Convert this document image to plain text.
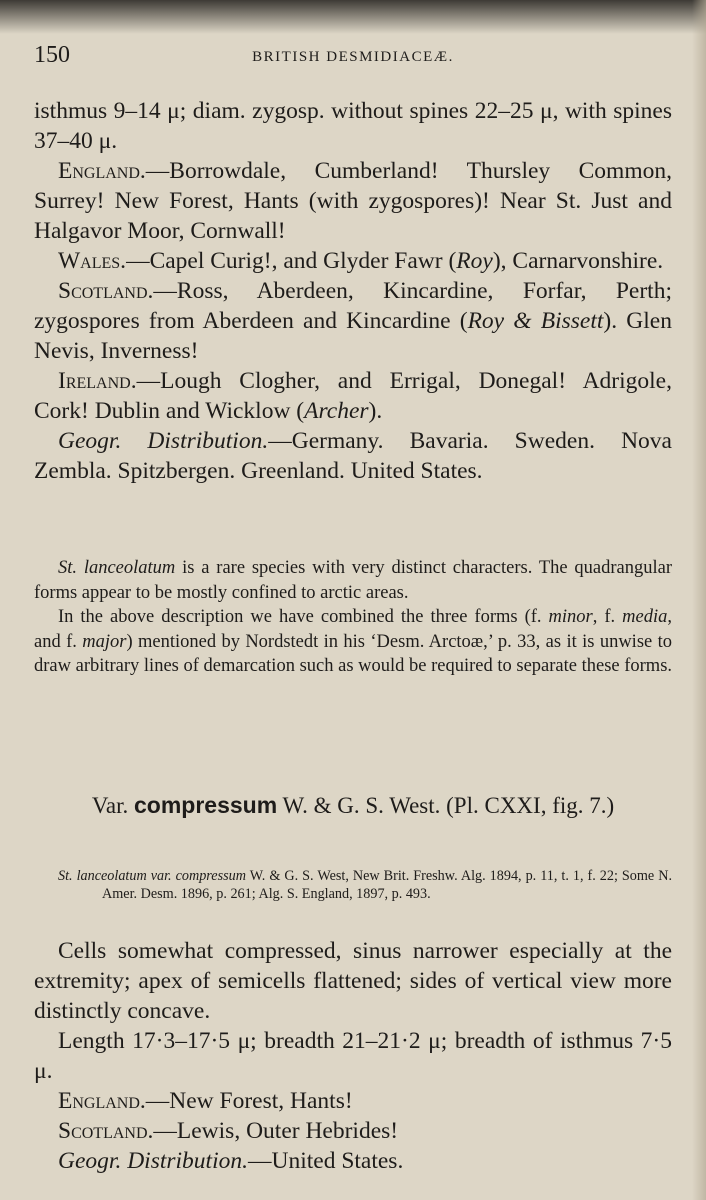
150	BRITISH DESMIDIACEÆ.

isthmus 9–14 μ; diam. zygosp. without spines 22–25 μ, with spines 37–40 μ.

England.—Borrowdale, Cumberland! Thursley Common, Surrey! New Forest, Hants (with zygospores)! Near St. Just and Halgavor Moor, Cornwall!

Wales.—Capel Curig!, and Glyder Fawr (Roy), Carnarvonshire.

Scotland.—Ross, Aberdeen, Kincardine, Forfar, Perth; zygospores from Aberdeen and Kincardine (Roy & Bissett). Glen Nevis, Inverness!

Ireland.—Lough Clogher, and Errigal, Donegal! Adrigole, Cork! Dublin and Wicklow (Archer).

Geogr. Distribution.—Germany. Bavaria. Sweden. Nova Zembla. Spitzbergen. Greenland. United States.

St. lanceolatum is a rare species with very distinct characters. The quadrangular forms appear to be mostly confined to arctic areas.

In the above description we have combined the three forms (f. minor, f. media, and f. major) mentioned by Nordstedt in his ‘Desm. Arctoæ,’ p. 33, as it is unwise to draw arbitrary lines of demarcation such as would be required to separate these forms.

Var. compressum W. & G. S. West. (Pl. CXXI, fig. 7.)

St. lanceolatum var. compressum W. & G. S. West, New Brit. Freshw. Alg. 1894, p. 11, t. 1, f. 22; Some N. Amer. Desm. 1896, p. 261; Alg. S. England, 1897, p. 493.

Cells somewhat compressed, sinus narrower especially at the extremity; apex of semicells flattened; sides of vertical view more distinctly concave.

Length 17·3–17·5 μ; breadth 21–21·2 μ; breadth of isthmus 7·5 μ.

England.—New Forest, Hants!

Scotland.—Lewis, Outer Hebrides!

Geogr. Distribution.—United States.
